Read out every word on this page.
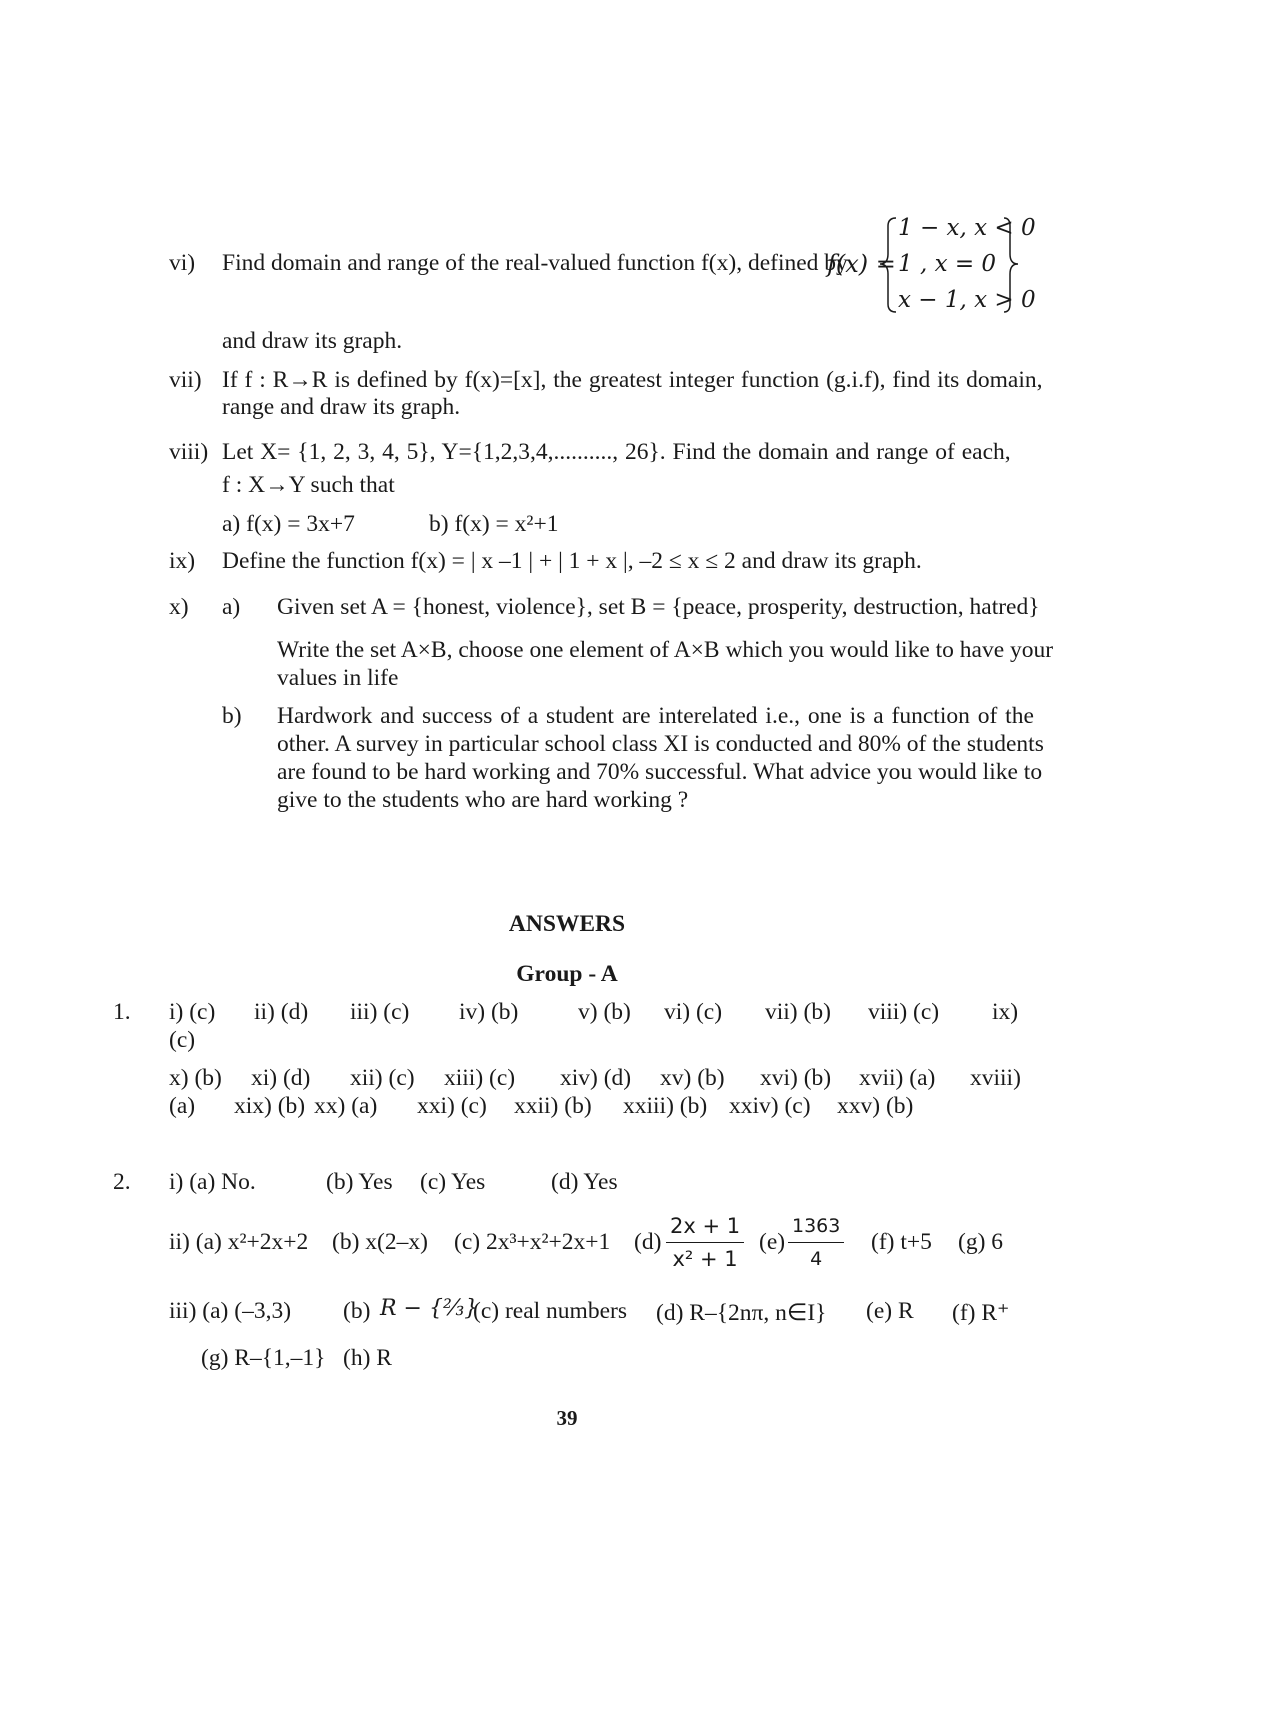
vi) Find domain and range of the real-valued function f(x), defined by
f(x) =
1 − x, x < 0
1 , x = 0
x − 1, x > 0
and draw its graph.
vii) If f : R→R is defined by f(x)=[x], the greatest integer function (g.i.f), find its domain,
range and draw its graph.
viii) Let X= {1, 2, 3, 4, 5}, Y={1,2,3,4,.........., 26}. Find the domain and range of each,
f : X→Y such that
a) f(x) = 3x+7	b) f(x) = x²+1
ix) Define the function f(x) = | x –1 | + | 1 + x |, –2 ≤ x ≤ 2 and draw its graph.
x) a) Given set A = {honest, violence}, set B = {peace, prosperity, destruction, hatred}
Write the set A×B, choose one element of A×B which you would like to have your
values in life
b) Hardwork and success of a student are interelated i.e., one is a function of the
other. A survey in particular school class XI is conducted and 80% of the students
are found to be hard working and 70% successful. What advice you would like to
give to the students who are hard working ?
ANSWERS
Group - A
1. i) (c) ii) (d) iii) (c) iv) (b)	v) (b) vi) (c) vii) (b) viii) (c) ix)
(c)
x) (b) xi) (d) xii) (c) xiii) (c) xiv) (d) xv) (b) xvi) (b) xvii) (a) xviii)
(a) xix) (b) xx) (a) xxi) (c) xxii) (b) xxiii) (b) xxiv) (c) xxv) (b)
2. i) (a) No.	(b) Yes (c) Yes	(d) Yes
ii) (a) x²+2x+2 (b) x(2–x) (c) 2x³+x²+2x+1 $(d) \frac{2x + 1}{\text{x² + 1}} (e) \frac{1363}{4} (f)$ t+5 (g) 6
iii) (a) (–3,3) (b) R − {⅔}
(c) real numbers (d) R–{2nπ, n∈I} (e) R (f) R⁺
(g) R–{1,–1} (h) R
39
